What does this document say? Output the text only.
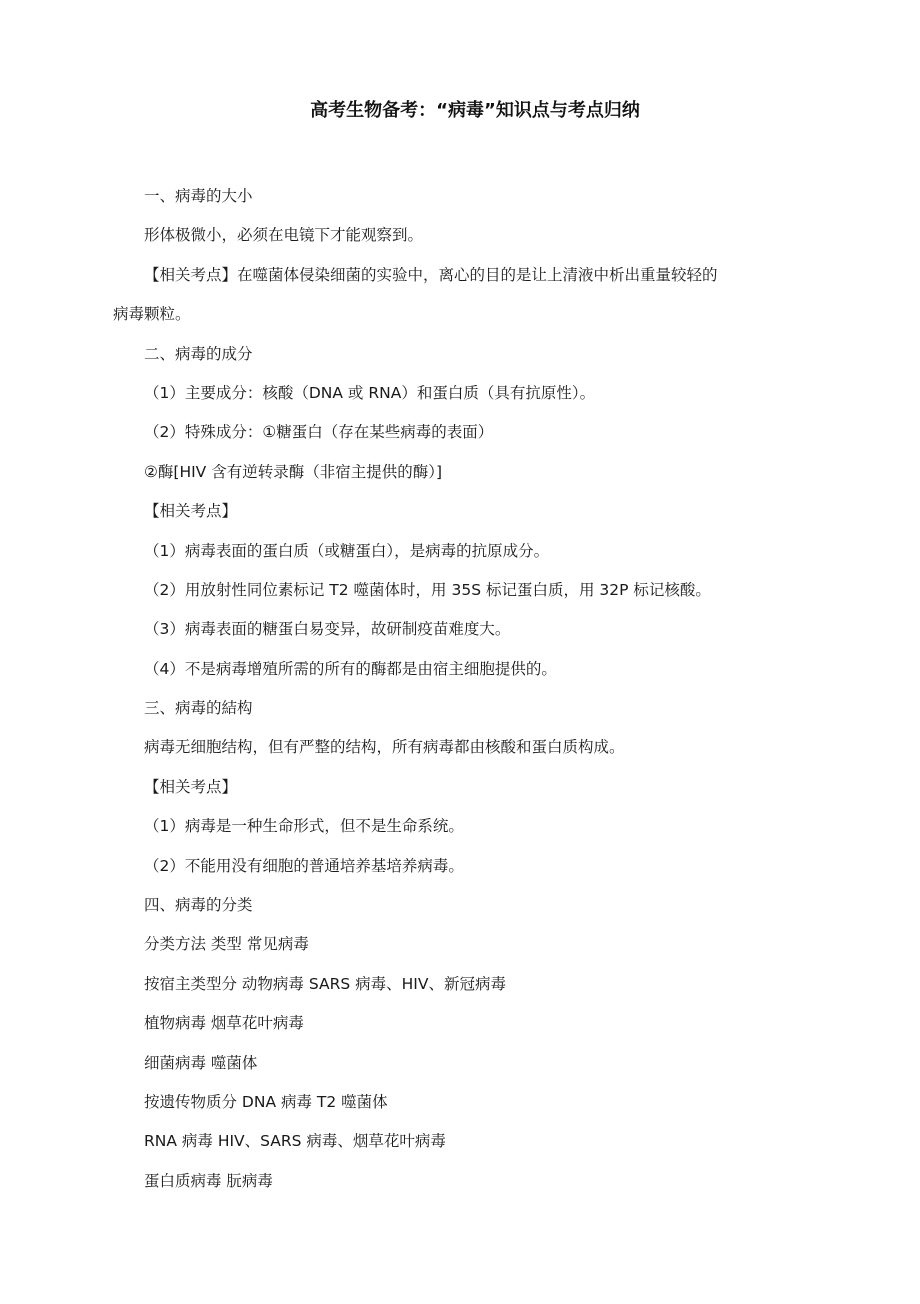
高考生物备考：“病毒”知识点与考点归纳
一、病毒的大小
形体极微小，必须在电镜下才能观察到。
【相关考点】在噬菌体侵染细菌的实验中，离心的目的是让上清液中析出重量较轻的
病毒颗粒。
二、病毒的成分
（1）主要成分：核酸（DNA 或 RNA）和蛋白质（具有抗原性）。
（2）特殊成分：①糖蛋白（存在某些病毒的表面）
②酶[HIV 含有逆转录酶（非宿主提供的酶）]
【相关考点】
（1）病毒表面的蛋白质（或糖蛋白），是病毒的抗原成分。
（2）用放射性同位素标记 T2 噬菌体时，用 35S 标记蛋白质，用 32P 标记核酸。
（3）病毒表面的糖蛋白易变异，故研制疫苗难度大。
（4）不是病毒增殖所需的所有的酶都是由宿主细胞提供的。
三、病毒的結构
病毒无细胞结构，但有严整的结构，所有病毒都由核酸和蛋白质构成。
【相关考点】
（1）病毒是一种生命形式，但不是生命系统。
（2）不能用没有细胞的普通培养基培养病毒。
四、病毒的分类
分类方法 类型 常见病毒
按宿主类型分 动物病毒 SARS 病毒、HIV、新冠病毒
植物病毒 烟草花叶病毒
细菌病毒 噬菌体
按遗传物质分 DNA 病毒 T2 噬菌体
RNA 病毒 HIV、SARS 病毒、烟草花叶病毒
蛋白质病毒 朊病毒
